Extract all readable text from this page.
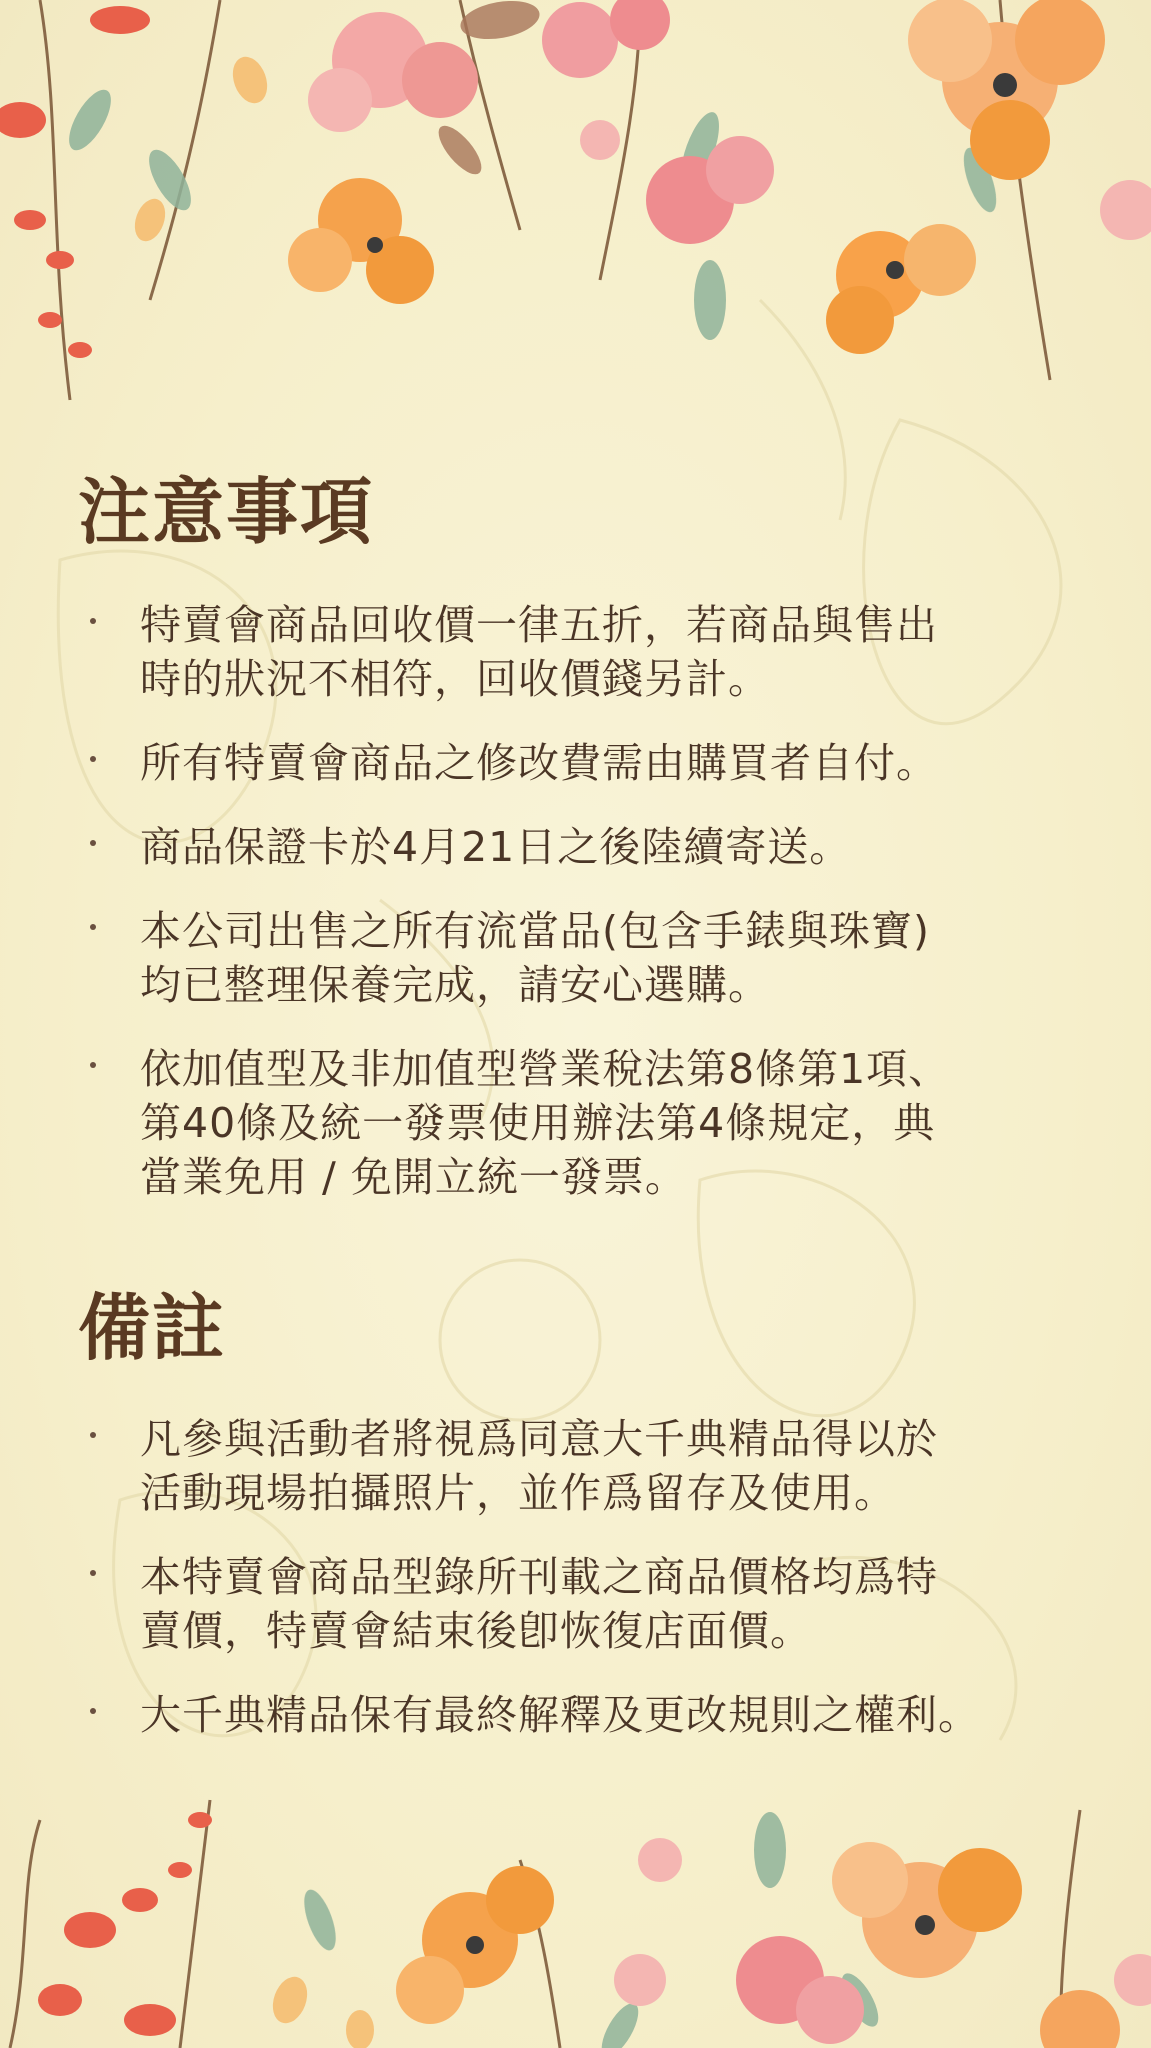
注意事項
特賣會商品回收價一律五折，若商品與售出
時的狀況不相符，回收價錢另計。
所有特賣會商品之修改費需由購買者自付。
商品保證卡於4月21日之後陸續寄送。
本公司出售之所有流當品(包含手錶與珠寶)
均已整理保養完成，請安心選購。
依加值型及非加值型營業稅法第8條第1項、
第40條及統一發票使用辦法第4條規定，典
當業免用 / 免開立統一發票。
備註
凡參與活動者將視爲同意大千典精品得以於
活動現場拍攝照片，並作爲留存及使用。
本特賣會商品型錄所刊載之商品價格均爲特
賣價，特賣會結束後卽恢復店面價。
大千典精品保有最終解釋及更改規則之權利。
